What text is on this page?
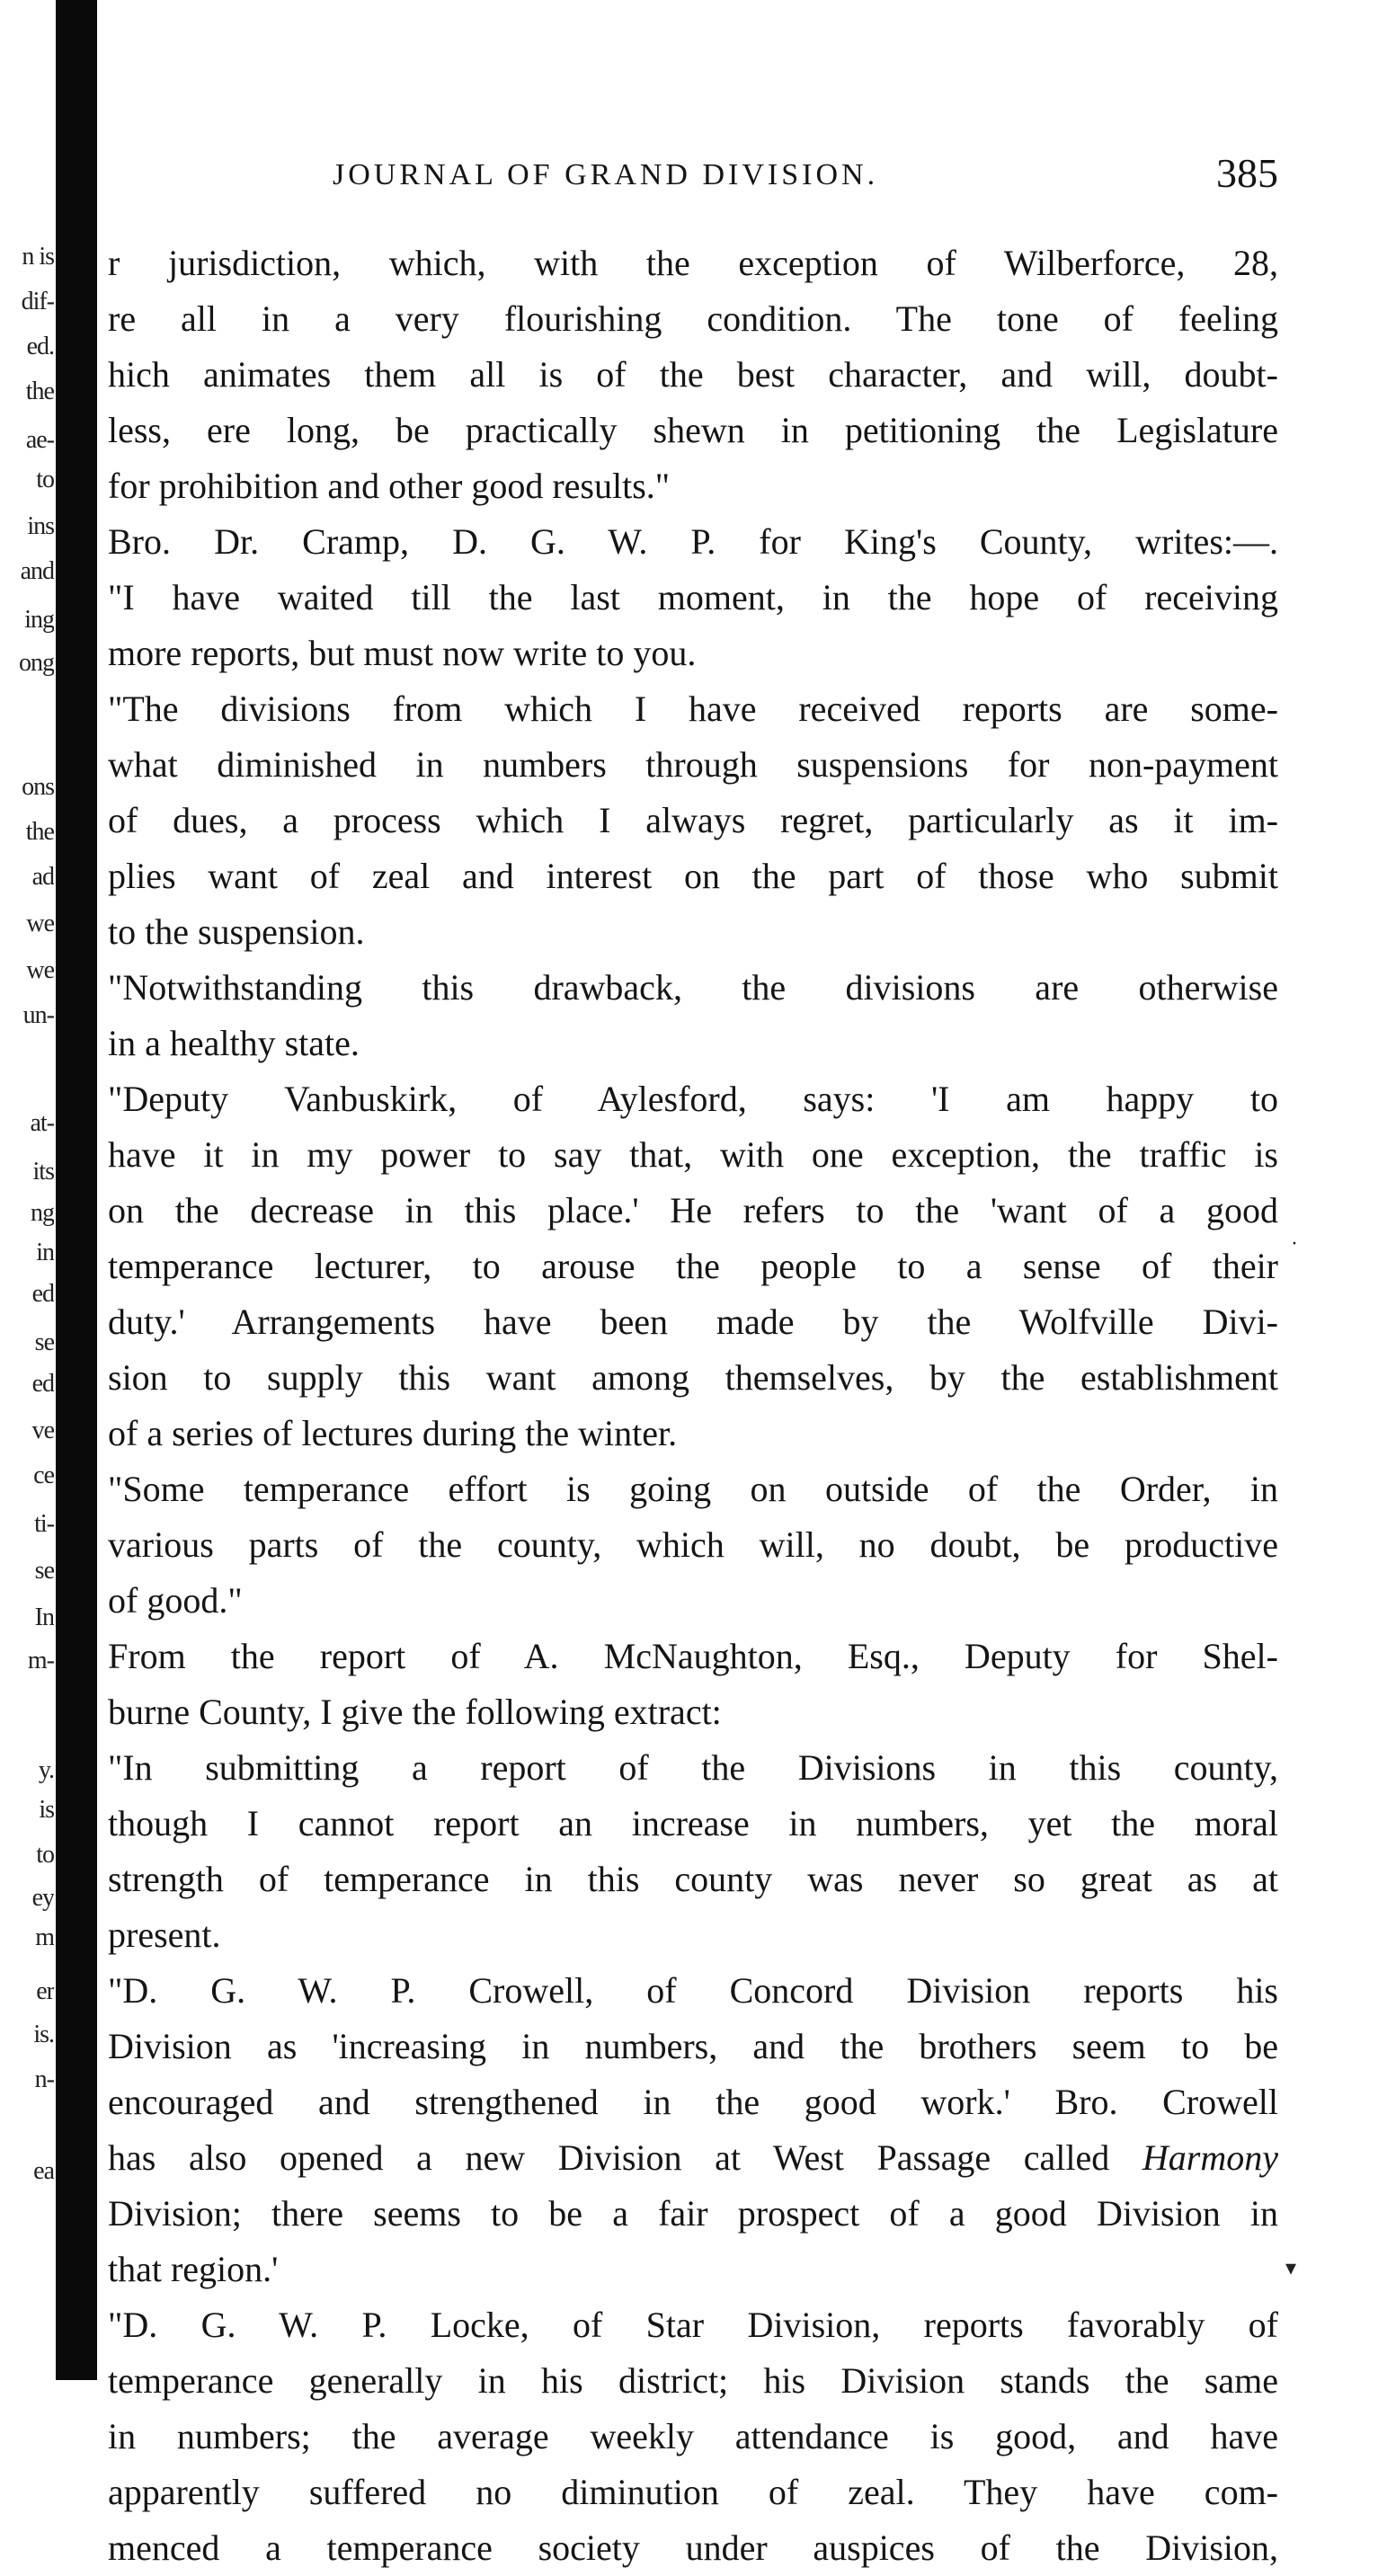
n is
dif-
ed.
the
ae-
to
ins
and
ing
ong
ons
the
ad
we
we
un-
at-
its
ng
in
ed
se
ed
ve
ce
ti-
se
In
m-
y.
is
to
ey
m
er
is.
n-
ea
JOURNAL OF GRAND DIVISION.	385
r jurisdiction, which, with the exception of Wilberforce, 28,
re all in a very flourishing condition. The tone of feeling
hich animates them all is of the best character, and will, doubt-
less, ere long, be practically shewn in petitioning the Legislature
for prohibition and other good results."
Bro. Dr. Cramp, D. G. W. P. for King's County, writes:—.
"I have waited till the last moment, in the hope of receiving
more reports, but must now write to you.
"The divisions from which I have received reports are some-
what diminished in numbers through suspensions for non-payment
of dues, a process which I always regret, particularly as it im-
plies want of zeal and interest on the part of those who submit
to the suspension.
"Notwithstanding this drawback, the divisions are otherwise
in a healthy state.
"Deputy Vanbuskirk, of Aylesford, says: 'I am happy to
have it in my power to say that, with one exception, the traffic is
on the decrease in this place.' He refers to the 'want of a good
temperance lecturer, to arouse the people to a sense of their
duty.' Arrangements have been made by the Wolfville Divi-
sion to supply this want among themselves, by the establishment
of a series of lectures during the winter.
"Some temperance effort is going on outside of the Order, in
various parts of the county, which will, no doubt, be productive
of good."
From the report of A. McNaughton, Esq., Deputy for Shel-
burne County, I give the following extract:
"In submitting a report of the Divisions in this county,
though I cannot report an increase in numbers, yet the moral
strength of temperance in this county was never so great as at
present.
"D. G. W. P. Crowell, of Concord Division reports his
Division as 'increasing in numbers, and the brothers seem to be
encouraged and strengthened in the good work.' Bro. Crowell
has also opened a new Division at West Passage called Harmony
Division; there seems to be a fair prospect of a good Division in
that region.'
"D. G. W. P. Locke, of Star Division, reports favorably of
temperance generally in his district; his Division stands the same
in numbers; the average weekly attendance is good, and have
apparently suffered no diminution of zeal. They have com-
menced a temperance society under auspices of the Division,
·
▾
